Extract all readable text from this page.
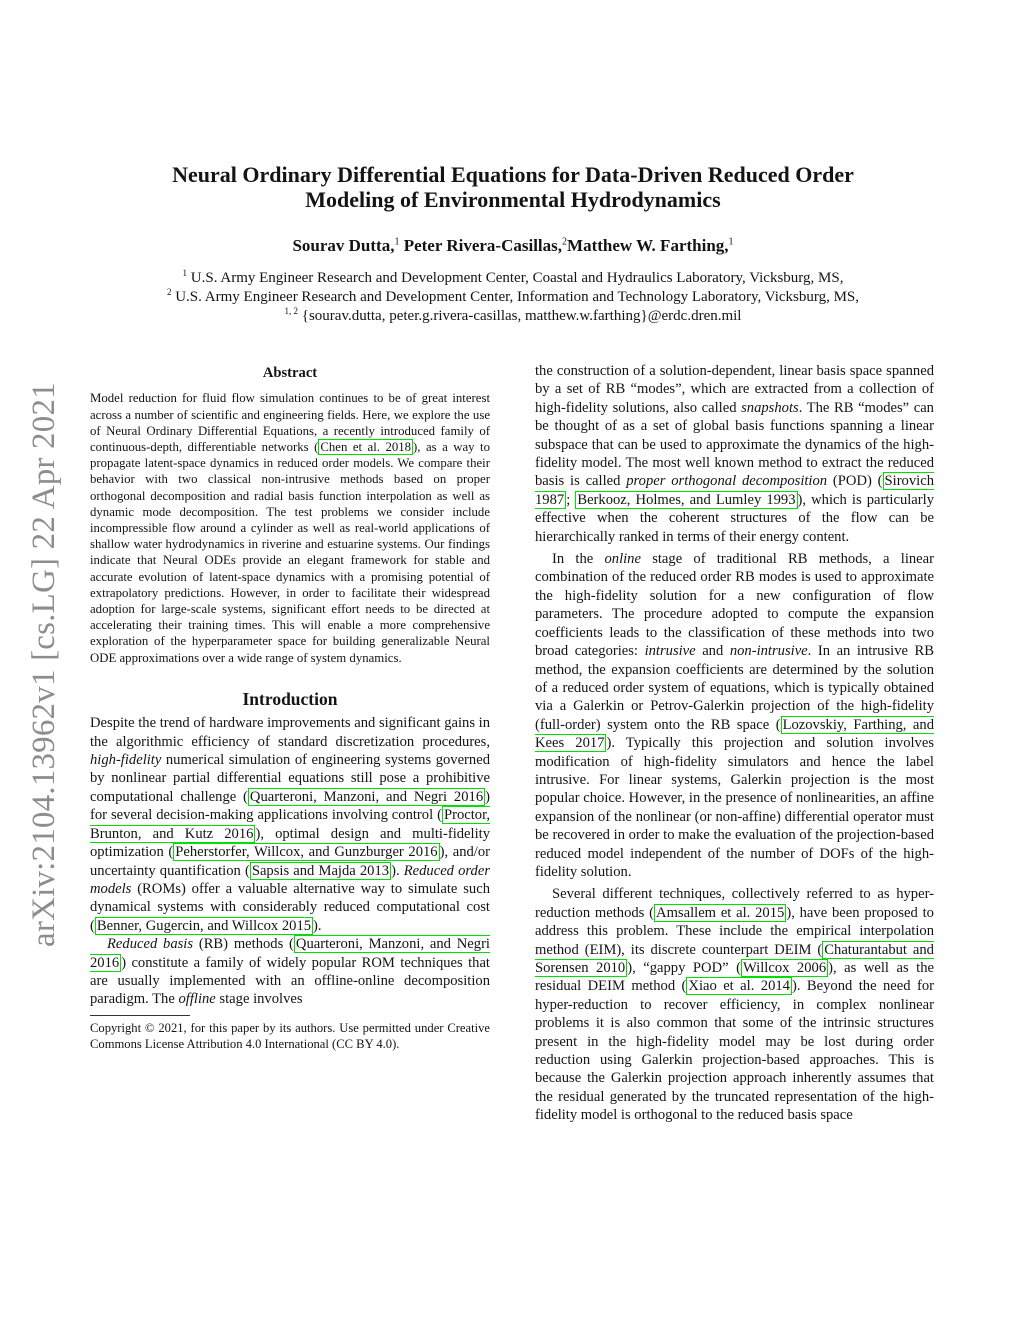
arXiv:2104.13962v1 [cs.LG] 22 Apr 2021
Neural Ordinary Differential Equations for Data-Driven Reduced Order
Modeling of Environmental Hydrodynamics
Sourav Dutta,$^1$ Peter Rivera-Casillas,$^2$Matthew W. Farthing,$^1$
$^1$ U.S. Army Engineer Research and Development Center, Coastal and Hydraulics Laboratory, Vicksburg, MS,
$^2$ U.S. Army Engineer Research and Development Center, Information and Technology Laboratory, Vicksburg, MS,
$^{1, 2}$ {sourav.dutta, peter.g.rivera-casillas, matthew.w.farthing}@erdc.dren.mil
Abstract

Model reduction for fluid flow simulation continues to be of great interest across a number of scientific and engineering fields. Here, we explore the use of Neural Ordinary Differential Equations, a recently introduced family of continuous-depth, differentiable networks ( Chen et al. 2018 ), as a way to propagate latent-space dynamics in reduced order models. We compare their behavior with two classical non-intrusive methods based on proper orthogonal decomposition and radial basis function interpolation as well as dynamic mode decomposition. The test problems we consider include incompressible flow around a cylinder as well as real-world applications of shallow water hydrodynamics in riverine and estuarine systems. Our findings indicate that Neural ODEs provide an elegant framework for stable and accurate evolution of latent-space dynamics with a promising potential of extrapolatory predictions. However, in order to facilitate their widespread adoption for large-scale systems, significant effort needs to be directed at accelerating their training times. This will enable a more comprehensive exploration of the hyperparameter space for building generalizable Neural ODE approximations over a wide range of system dynamics.

Introduction

Despite the trend of hardware improvements and significant gains in the algorithmic efficiency of standard discretization procedures, high-fidelity numerical simulation of engineering systems governed by nonlinear partial differential equations still pose a prohibitive computational challenge ( Quarteroni, Manzoni, and Negri 2016 ) for several decision-making applications involving control ( Proctor, Brunton, and Kutz 2016 ), optimal design and multi-fidelity optimization ( Peherstorfer, Willcox, and Gunzburger 2016 ), and/or uncertainty quantification ( Sapsis and Majda 2013 ). Reduced order models (ROMs) offer a valuable alternative way to simulate such dynamical systems with considerably reduced computational cost ( Benner, Gugercin, and Willcox 2015 ).

Reduced basis (RB) methods ( Quarteroni, Manzoni, and Negri 2016 ) constitute a family of widely popular ROM techniques that are usually implemented with an offline-online decomposition paradigm. The offline stage involves

Copyright © 2021, for this paper by its authors. Use permitted under Creative Commons License Attribution 4.0 International (CC BY 4.0).

the construction of a solution-dependent, linear basis space spanned by a set of RB “modes”, which are extracted from a collection of high-fidelity solutions, also called snapshots. The RB “modes” can be thought of as a set of global basis functions spanning a linear subspace that can be used to approximate the dynamics of the high-fidelity model. The most well known method to extract the reduced basis is called proper orthogonal decomposition (POD) ( Sirovich 1987 ; Berkooz, Holmes, and Lumley 1993 ), which is particularly effective when the coherent structures of the flow can be hierarchically ranked in terms of their energy content.

In the online stage of traditional RB methods, a linear combination of the reduced order RB modes is used to approximate the high-fidelity solution for a new configuration of flow parameters. The procedure adopted to compute the expansion coefficients leads to the classification of these methods into two broad categories: intrusive and non-intrusive. In an intrusive RB method, the expansion coefficients are determined by the solution of a reduced order system of equations, which is typically obtained via a Galerkin or Petrov-Galerkin projection of the high-fidelity (full-order) system onto the RB space ( Lozovskiy, Farthing, and Kees 2017 ). Typically this projection and solution involves modification of high-fidelity simulators and hence the label intrusive. For linear systems, Galerkin projection is the most popular choice. However, in the presence of nonlinearities, an affine expansion of the nonlinear (or non-affine) differential operator must be recovered in order to make the evaluation of the projection-based reduced model independent of the number of DOFs of the high-fidelity solution.

Several different techniques, collectively referred to as hyper-reduction methods ( Amsallem et al. 2015 ), have been proposed to address this problem. These include the empirical interpolation method (EIM), its discrete counterpart DEIM ( Chaturantabut and Sorensen 2010 ), “gappy POD” ( Willcox 2006 ), as well as the residual DEIM method ( Xiao et al. 2014 ). Beyond the need for hyper-reduction to recover efficiency, in complex nonlinear problems it is also common that some of the intrinsic structures present in the high-fidelity model may be lost during order reduction using Galerkin projection-based approaches. This is because the Galerkin projection approach inherently assumes that the residual generated by the truncated representation of the high-fidelity model is orthogonal to the reduced basis space
